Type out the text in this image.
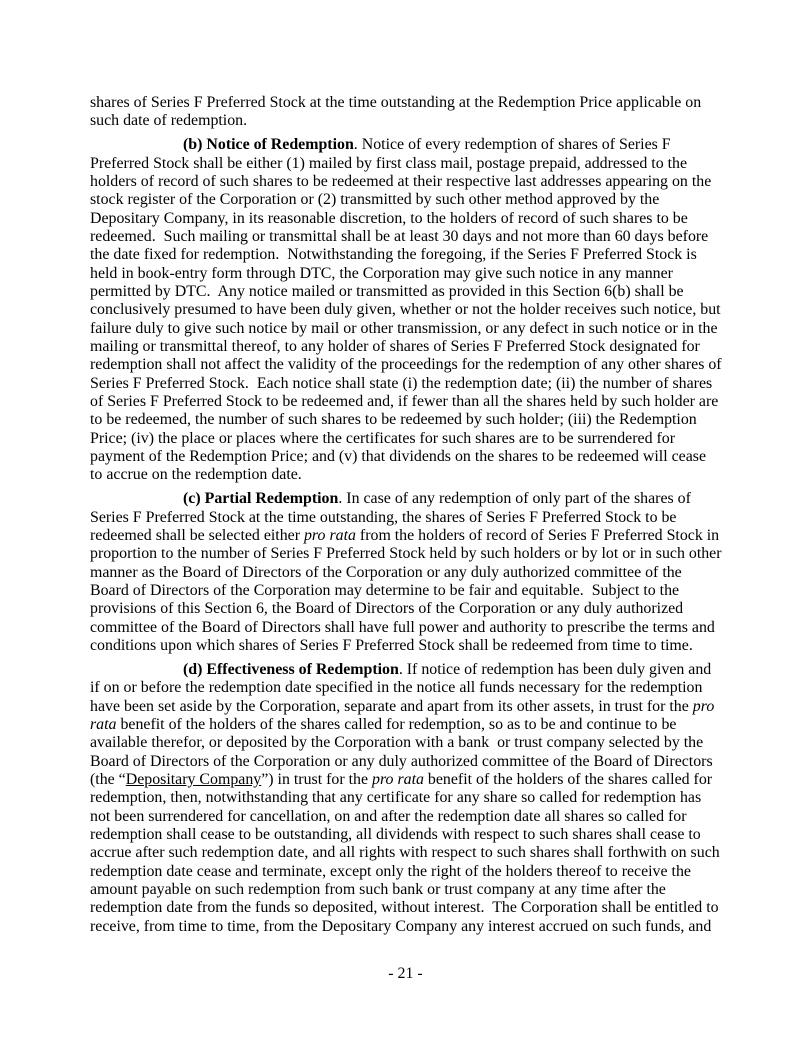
shares of Series F Preferred Stock at the time outstanding at the Redemption Price applicable on such date of redemption.

(b) Notice of Redemption. Notice of every redemption of shares of Series F Preferred Stock shall be either (1) mailed by first class mail, postage prepaid, addressed to the holders of record of such shares to be redeemed at their respective last addresses appearing on the stock register of the Corporation or (2) transmitted by such other method approved by the Depositary Company, in its reasonable discretion, to the holders of record of such shares to be redeemed.  Such mailing or transmittal shall be at least 30 days and not more than 60 days before the date fixed for redemption.  Notwithstanding the foregoing, if the Series F Preferred Stock is held in book-entry form through DTC, the Corporation may give such notice in any manner permitted by DTC.  Any notice mailed or transmitted as provided in this Section 6(b) shall be conclusively presumed to have been duly given, whether or not the holder receives such notice, but failure duly to give such notice by mail or other transmission, or any defect in such notice or in the mailing or transmittal thereof, to any holder of shares of Series F Preferred Stock designated for redemption shall not affect the validity of the proceedings for the redemption of any other shares of Series F Preferred Stock.  Each notice shall state (i) the redemption date; (ii) the number of shares of Series F Preferred Stock to be redeemed and, if fewer than all the shares held by such holder are to be redeemed, the number of such shares to be redeemed by such holder; (iii) the Redemption Price; (iv) the place or places where the certificates for such shares are to be surrendered for payment of the Redemption Price; and (v) that dividends on the shares to be redeemed will cease to accrue on the redemption date.

(c) Partial Redemption. In case of any redemption of only part of the shares of Series F Preferred Stock at the time outstanding, the shares of Series F Preferred Stock to be redeemed shall be selected either pro rata from the holders of record of Series F Preferred Stock in proportion to the number of Series F Preferred Stock held by such holders or by lot or in such other manner as the Board of Directors of the Corporation or any duly authorized committee of the Board of Directors of the Corporation may determine to be fair and equitable.  Subject to the provisions of this Section 6, the Board of Directors of the Corporation or any duly authorized committee of the Board of Directors shall have full power and authority to prescribe the terms and conditions upon which shares of Series F Preferred Stock shall be redeemed from time to time.

(d) Effectiveness of Redemption. If notice of redemption has been duly given and if on or before the redemption date specified in the notice all funds necessary for the redemption have been set aside by the Corporation, separate and apart from its other assets, in trust for the pro rata benefit of the holders of the shares called for redemption, so as to be and continue to be available therefor, or deposited by the Corporation with a bank  or trust company selected by the Board of Directors of the Corporation or any duly authorized committee of the Board of Directors (the “Depositary Company”) in trust for the pro rata benefit of the holders of the shares called for redemption, then, notwithstanding that any certificate for any share so called for redemption has not been surrendered for cancellation, on and after the redemption date all shares so called for redemption shall cease to be outstanding, all dividends with respect to such shares shall cease to accrue after such redemption date, and all rights with respect to such shares shall forthwith on such redemption date cease and terminate, except only the right of the holders thereof to receive the amount payable on such redemption from such bank or trust company at any time after the redemption date from the funds so deposited, without interest.  The Corporation shall be entitled to receive, from time to time, from the Depositary Company any interest accrued on such funds, and

- 21 -
